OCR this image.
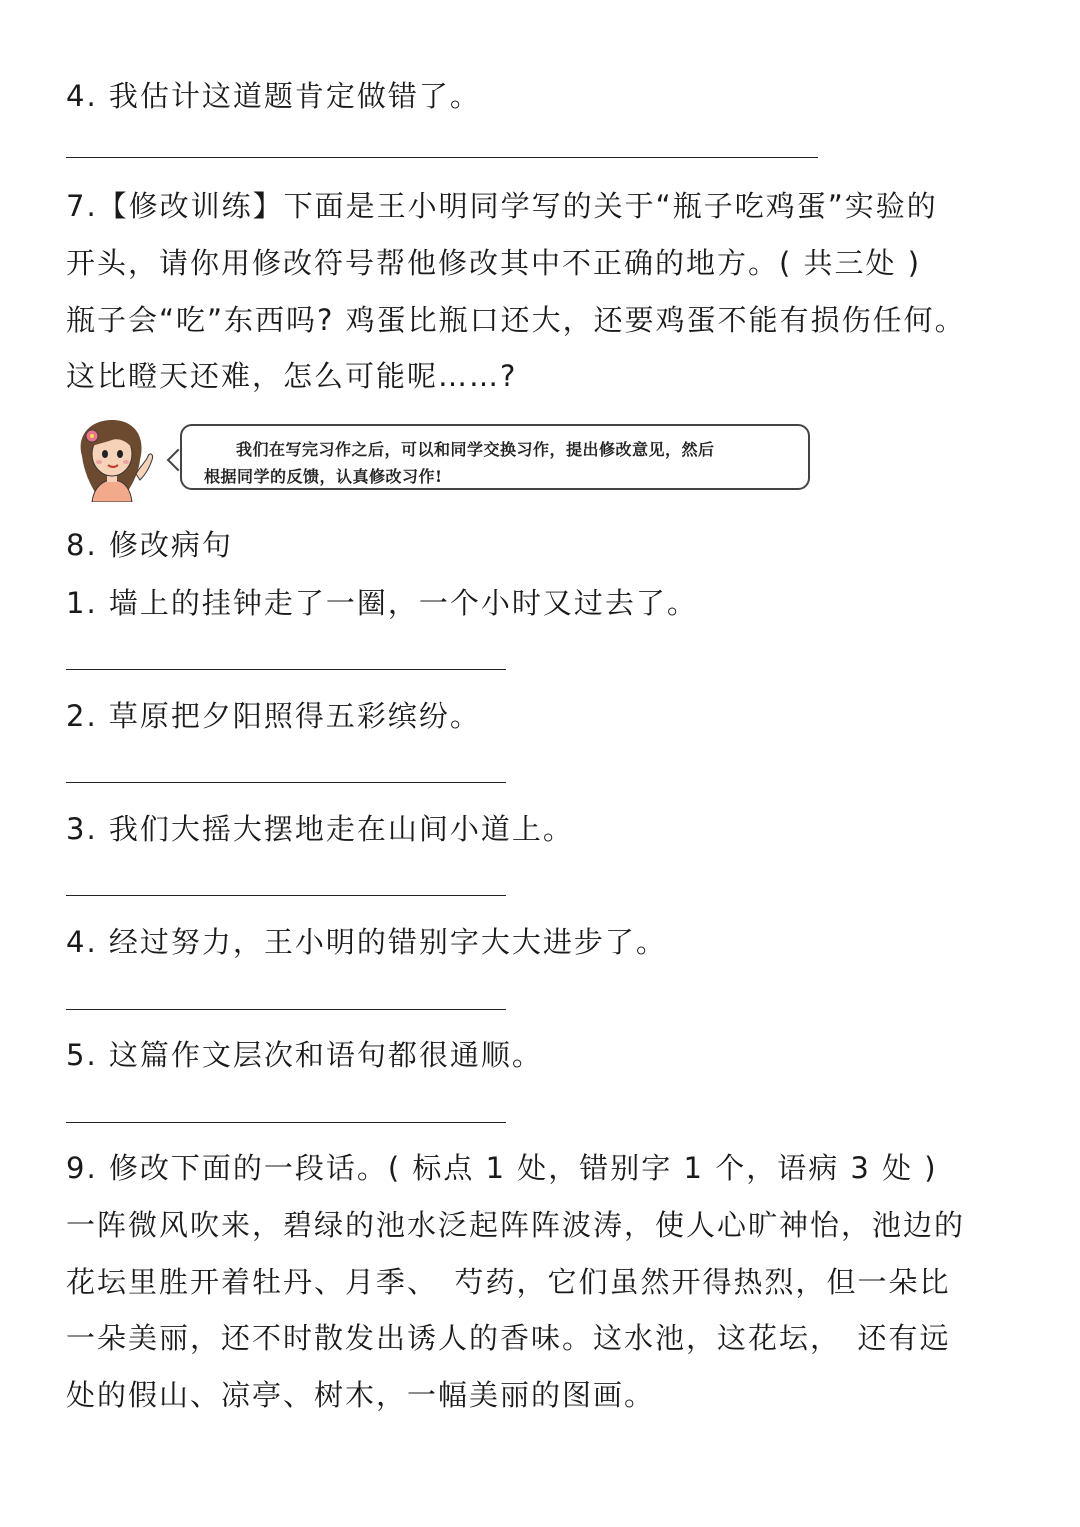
4. 我估计这道题肯定做错了。
7.【修改训练】下面是王小明同学写的关于“瓶子吃鸡蛋”实验的
开头，请你用修改符号帮他修改其中不正确的地方。( 共三处 )
瓶子会“吃”东西吗? 鸡蛋比瓶口还大，还要鸡蛋不能有损伤任何。
这比瞪天还难，怎么可能呢……?
我们在写完习作之后，可以和同学交换习作，提出修改意见，然后
根据同学的反馈，认真修改习作!
8. 修改病句
1. 墙上的挂钟走了一圈，一个小时又过去了。
2. 草原把夕阳照得五彩缤纷。
3. 我们大摇大摆地走在山间小道上。
4. 经过努力，王小明的错别字大大进步了。
5. 这篇作文层次和语句都很通顺。
9. 修改下面的一段话。( 标点 1 处，错别字 1 个，语病 3 处 )
一阵微风吹来，碧绿的池水泛起阵阵波涛，使人心旷神怡，池边的
花坛里胜开着牡丹、月季、　芍药，它们虽然开得热烈，但一朵比
一朵美丽，还不时散发出诱人的香味。这水池，这花坛，　还有远
处的假山、凉亭、树木，一幅美丽的图画。
